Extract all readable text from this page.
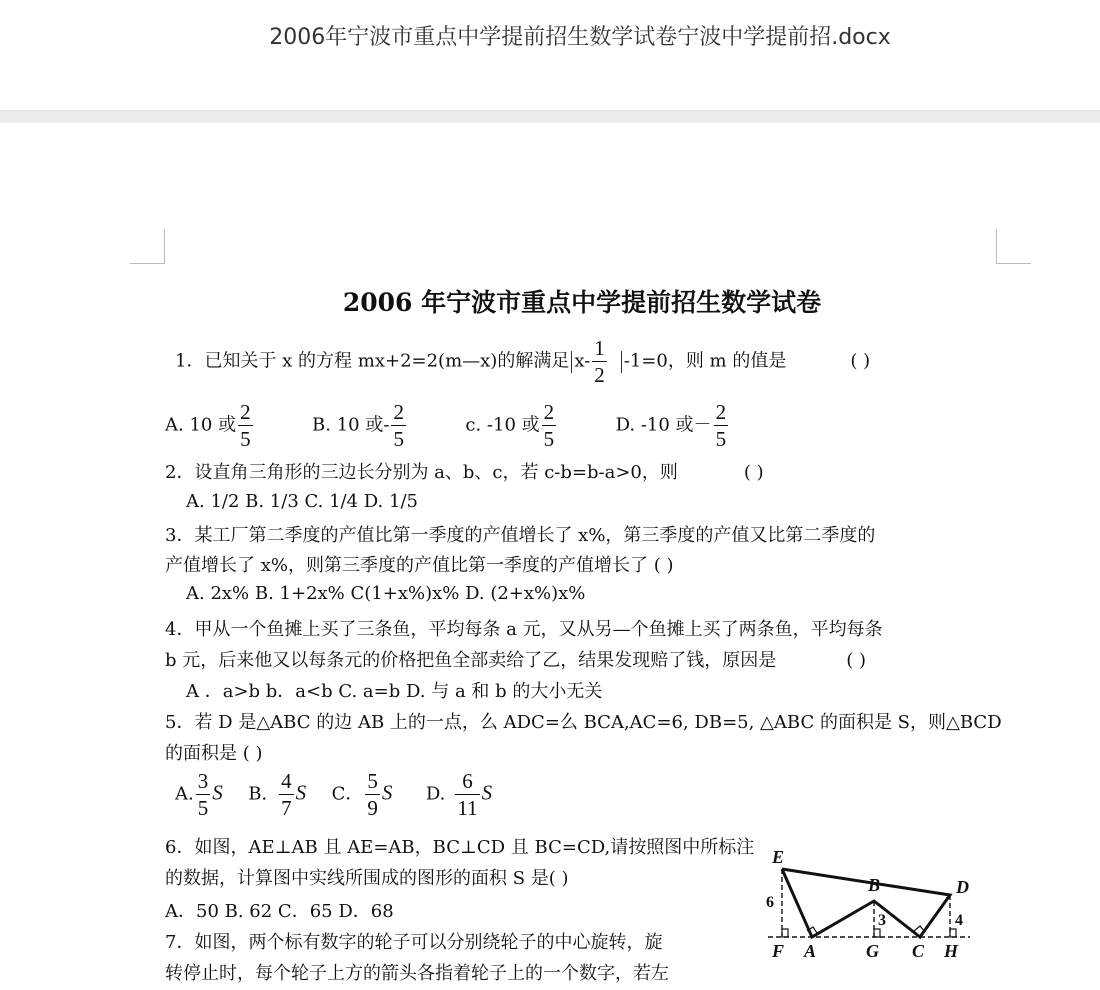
2006年宁波市重点中学提前招生数学试卷宁波中学提前招.docx
2006 年宁波市重点中学提前招生数学试卷
1．已知关于 x 的方程 mx+2=2(m—x)的解满足 $x- \frac{1}{2} -1=0$，则 m 的值是	( )
A. 10 或 $\frac{2}{5}$	B. 10 或- $\frac{2}{5}$	c. -10 或 $\frac{2}{5}$	D. -10 或－ $\frac{2}{5}$
2．设直角三角形的三边长分别为 a、b、c，若 c-b=b-a>0，则	( )
A. 1/2 B. 1/3 C. 1/4 D. 1/5
3．某工厂第二季度的产值比第一季度的产值增长了 x%，第三季度的产值又比第二季度的
产值增长了 x%，则第三季度的产值比第一季度的产值增长了 ( )
A. 2x% B. 1+2x% C(1+x%)x% D. (2+x%)x%
4．甲从一个鱼摊上买了三条鱼，平均每条 a 元，又从另—个鱼摊上买了两条鱼，平均每条
b 元，后来他又以每条元的价格把鱼全部卖给了乙，结果发现赔了钱，原因是	( )
A ．a>b b．a<b C. a=b D. 与 a 和 b 的大小无关
5．若 D 是△ABC 的边 AB 上的一点，么 ADC=么 BCA,AC=6, DB=5, △ABC 的面积是 S，则△BCD
的面积是 ( )
A. $\frac{3}{5}$ S B. $\frac{4}{7}$ S C． $\frac{5}{9}$ S D. $\frac{6}{11}$ S
6．如图，AE⊥AB 且 AE=AB，BC⊥CD 且 BC=CD,请按照图中所标注
的数据，计算图中实线所围成的图形的面积 S 是( )
A．50 B. 62 C．65 D．68
7．如图，两个标有数字的轮子可以分别绕轮子的中心旋转，旋
转停止时，每个轮子上方的箭头各指着轮子上的一个数字，若左
E
B	D
F A	G C H
6
3	4
